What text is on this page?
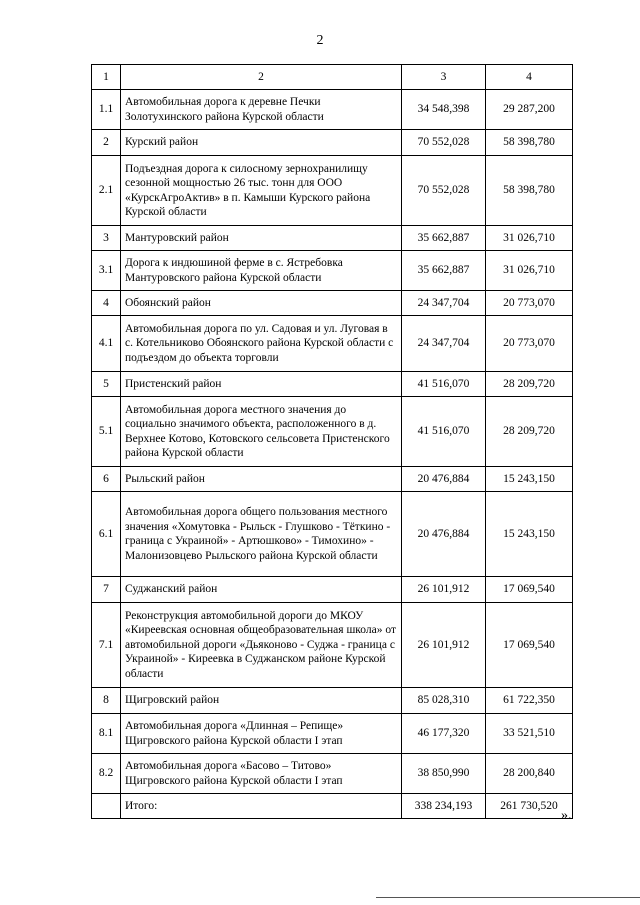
2
1	2	3	4
1.1	Автомобильная дорога к деревне Печки Золотухинского района Курской области	34 548,398	29 287,200
2	Курский район	70 552,028	58 398,780
2.1	Подъездная дорога к силосному зернохранилищу сезонной мощностью 26 тыс. тонн для ООО «КурскАгроАктив» в п. Камыши Курского района Курской области	70 552,028	58 398,780
3	Мантуровский район	35 662,887	31 026,710
3.1	Дорога к индюшиной ферме в с. Ястребовка Мантуровского района Курской области	35 662,887	31 026,710
4	Обоянский район	24 347,704	20 773,070
4.1	Автомобильная дорога по ул. Садовая и ул. Луговая в с. Котельниково Обоянского района Курской области с подъездом до объекта торговли	24 347,704	20 773,070
5	Пристенский район	41 516,070	28 209,720
5.1	Автомобильная дорога местного значения до социально значимого объекта, расположенного в д. Верхнее Котово, Котовского сельсовета Пристенского района Курской области	41 516,070	28 209,720
6	Рыльский район	20 476,884	15 243,150
6.1	Автомобильная дорога общего пользования местного значения «Хомутовка - Рыльск - Глушково - Тёткино - граница с Украиной» - Артюшково» - Тимохино» - Малонизовцево Рыльского района Курской области	20 476,884	15 243,150
7	Суджанский район	26 101,912	17 069,540
7.1	Реконструкция автомобильной дороги до МКОУ «Киреевская основная общеобразовательная школа» от автомобильной дороги «Дьяконово - Суджа - граница с Украиной» - Киреевка в Суджанском районе Курской области	26 101,912	17 069,540
8	Щигровский район	85 028,310	61 722,350
8.1	Автомобильная дорога «Длинная – Репище» Щигровского района Курской области I этап	46 177,320	33 521,510
8.2	Автомобильная дорога «Басово – Титово» Щигровского района Курской области I этап	38 850,990	28 200,840
	Итого:	338 234,193	261 730,520
».
